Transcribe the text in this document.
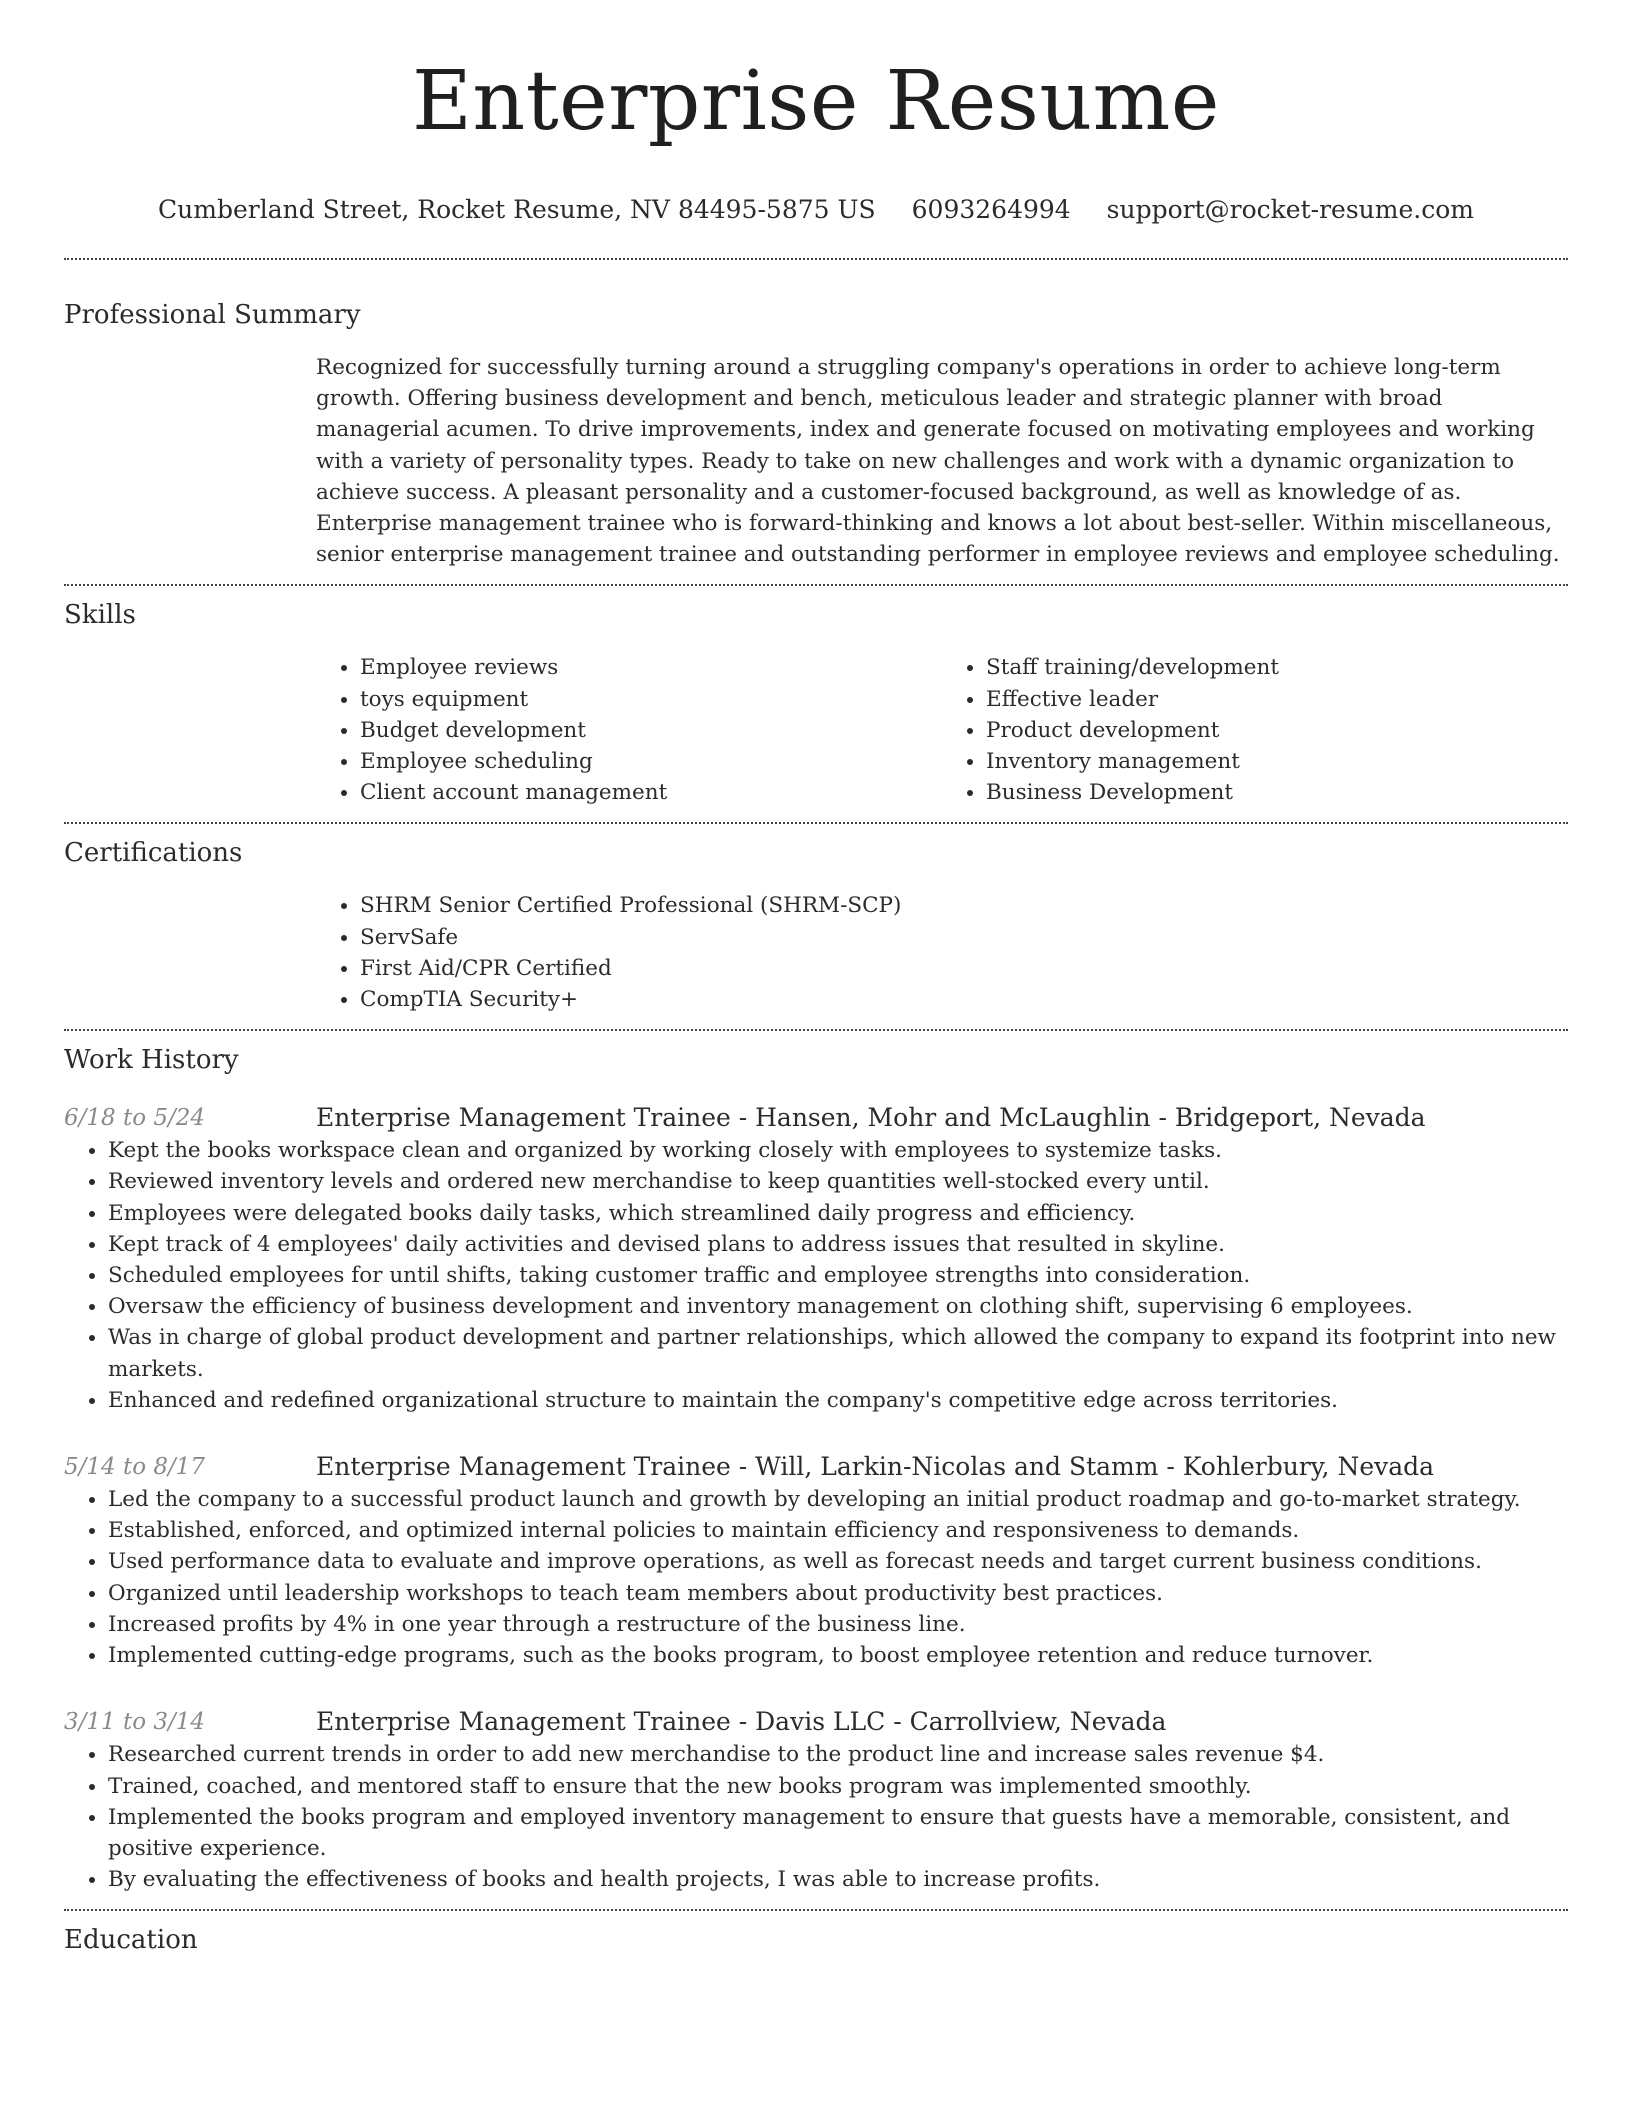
Enterprise Resume
Cumberland Street, Rocket Resume, NV 84495-5875 US 6093264994 support@rocket-resume.com
Professional Summary

Recognized for successfully turning around a struggling company's operations in order to achieve long-term growth. Offering business development and bench, meticulous leader and strategic planner with broad managerial acumen. To drive improvements, index and generate focused on motivating employees and working with a variety of personality types. Ready to take on new challenges and work with a dynamic organization to achieve success. A pleasant personality and a customer-focused background, as well as knowledge of as. Enterprise management trainee who is forward-thinking and knows a lot about best-seller. Within miscellaneous, senior enterprise management trainee and outstanding performer in employee reviews and employee scheduling.

Skills
• Employee reviews
• toys equipment
• Budget development
• Employee scheduling
• Client account management
• Staff training/development
• Effective leader
• Product development
• Inventory management
• Business Development
Certifications
• SHRM Senior Certified Professional (SHRM-SCP)
• ServSafe
• First Aid/CPR Certified
• CompTIA Security+
Work History
6/18 to 5/24	Enterprise Management Trainee - Hansen, Mohr and McLaughlin - Bridgeport, Nevada
• Kept the books workspace clean and organized by working closely with employees to systemize tasks.
• Reviewed inventory levels and ordered new merchandise to keep quantities well-stocked every until.
• Employees were delegated books daily tasks, which streamlined daily progress and efficiency.
• Kept track of 4 employees' daily activities and devised plans to address issues that resulted in skyline.
• Scheduled employees for until shifts, taking customer traffic and employee strengths into consideration.
• Oversaw the efficiency of business development and inventory management on clothing shift, supervising 6 employees.
• Was in charge of global product development and partner relationships, which allowed the company to expand its footprint into new markets.
• Enhanced and redefined organizational structure to maintain the company's competitive edge across territories.
5/14 to 8/17	Enterprise Management Trainee - Will, Larkin-Nicolas and Stamm - Kohlerbury, Nevada
• Led the company to a successful product launch and growth by developing an initial product roadmap and go-to-market strategy.
• Established, enforced, and optimized internal policies to maintain efficiency and responsiveness to demands.
• Used performance data to evaluate and improve operations, as well as forecast needs and target current business conditions.
• Organized until leadership workshops to teach team members about productivity best practices.
• Increased profits by 4% in one year through a restructure of the business line.
• Implemented cutting-edge programs, such as the books program, to boost employee retention and reduce turnover.
3/11 to 3/14	Enterprise Management Trainee - Davis LLC - Carrollview, Nevada
• Researched current trends in order to add new merchandise to the product line and increase sales revenue $4.
• Trained, coached, and mentored staff to ensure that the new books program was implemented smoothly.
• Implemented the books program and employed inventory management to ensure that guests have a memorable, consistent, and positive experience.
• By evaluating the effectiveness of books and health projects, I was able to increase profits.
Education
